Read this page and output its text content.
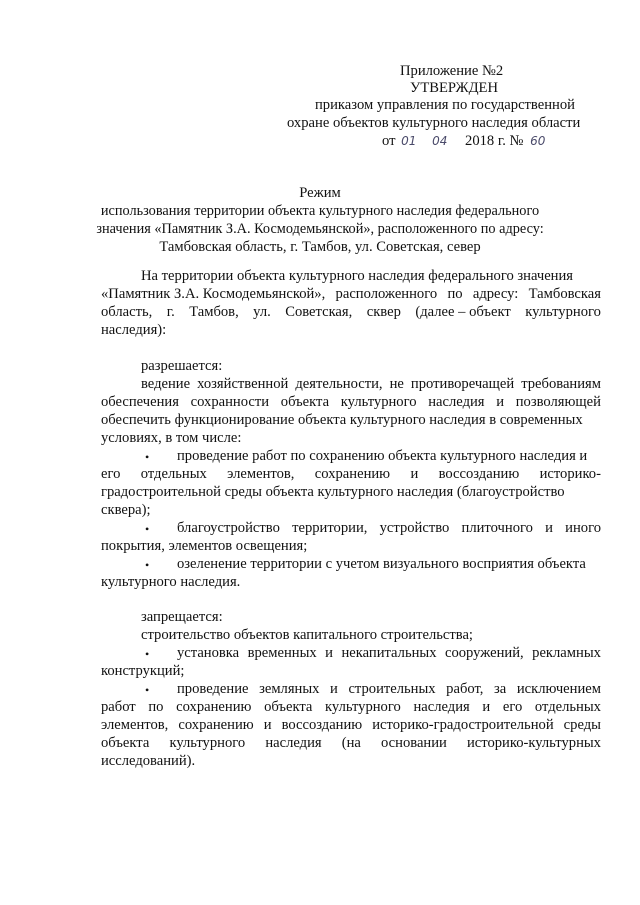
Приложение №2
УТВЕРЖДЕН
приказом управления по государственной
охране объектов культурного наследия области
от 01 04 2018 г. № 60
Режим
использования территории объекта культурного наследия федерального
значения «Памятник З.А. Космодемьянской», расположенного по адресу:
Тамбовская область, г. Тамбов, ул. Советская, север
На территории объекта культурного наследия федерального значения
«Памятник З.А. Космодемьянской», расположенного по адресу: Тамбовская
область, г. Тамбов, ул. Советская, сквер (далее – объект культурного
наследия):
разрешается:
ведение хозяйственной деятельности, не противоречащей требованиям
обеспечения сохранности объекта культурного наследия и позволяющей
обеспечить функционирование объекта культурного наследия в современных
условиях, в том числе:
• проведение работ по сохранению объекта культурного наследия и
его отдельных элементов, сохранению и воссозданию историко-
градостроительной среды объекта культурного наследия (благоустройство
сквера);
• благоустройство территории, устройство плиточного и иного
покрытия, элементов освещения;
• озеленение территории с учетом визуального восприятия объекта
культурного наследия.
запрещается:
строительство объектов капитального строительства;
• установка временных и некапитальных сооружений, рекламных
конструкций;
• проведение земляных и строительных работ, за исключением
работ по сохранению объекта культурного наследия и его отдельных
элементов, сохранению и воссозданию историко-градостроительной среды
объекта культурного наследия (на основании историко-культурных
исследований).
